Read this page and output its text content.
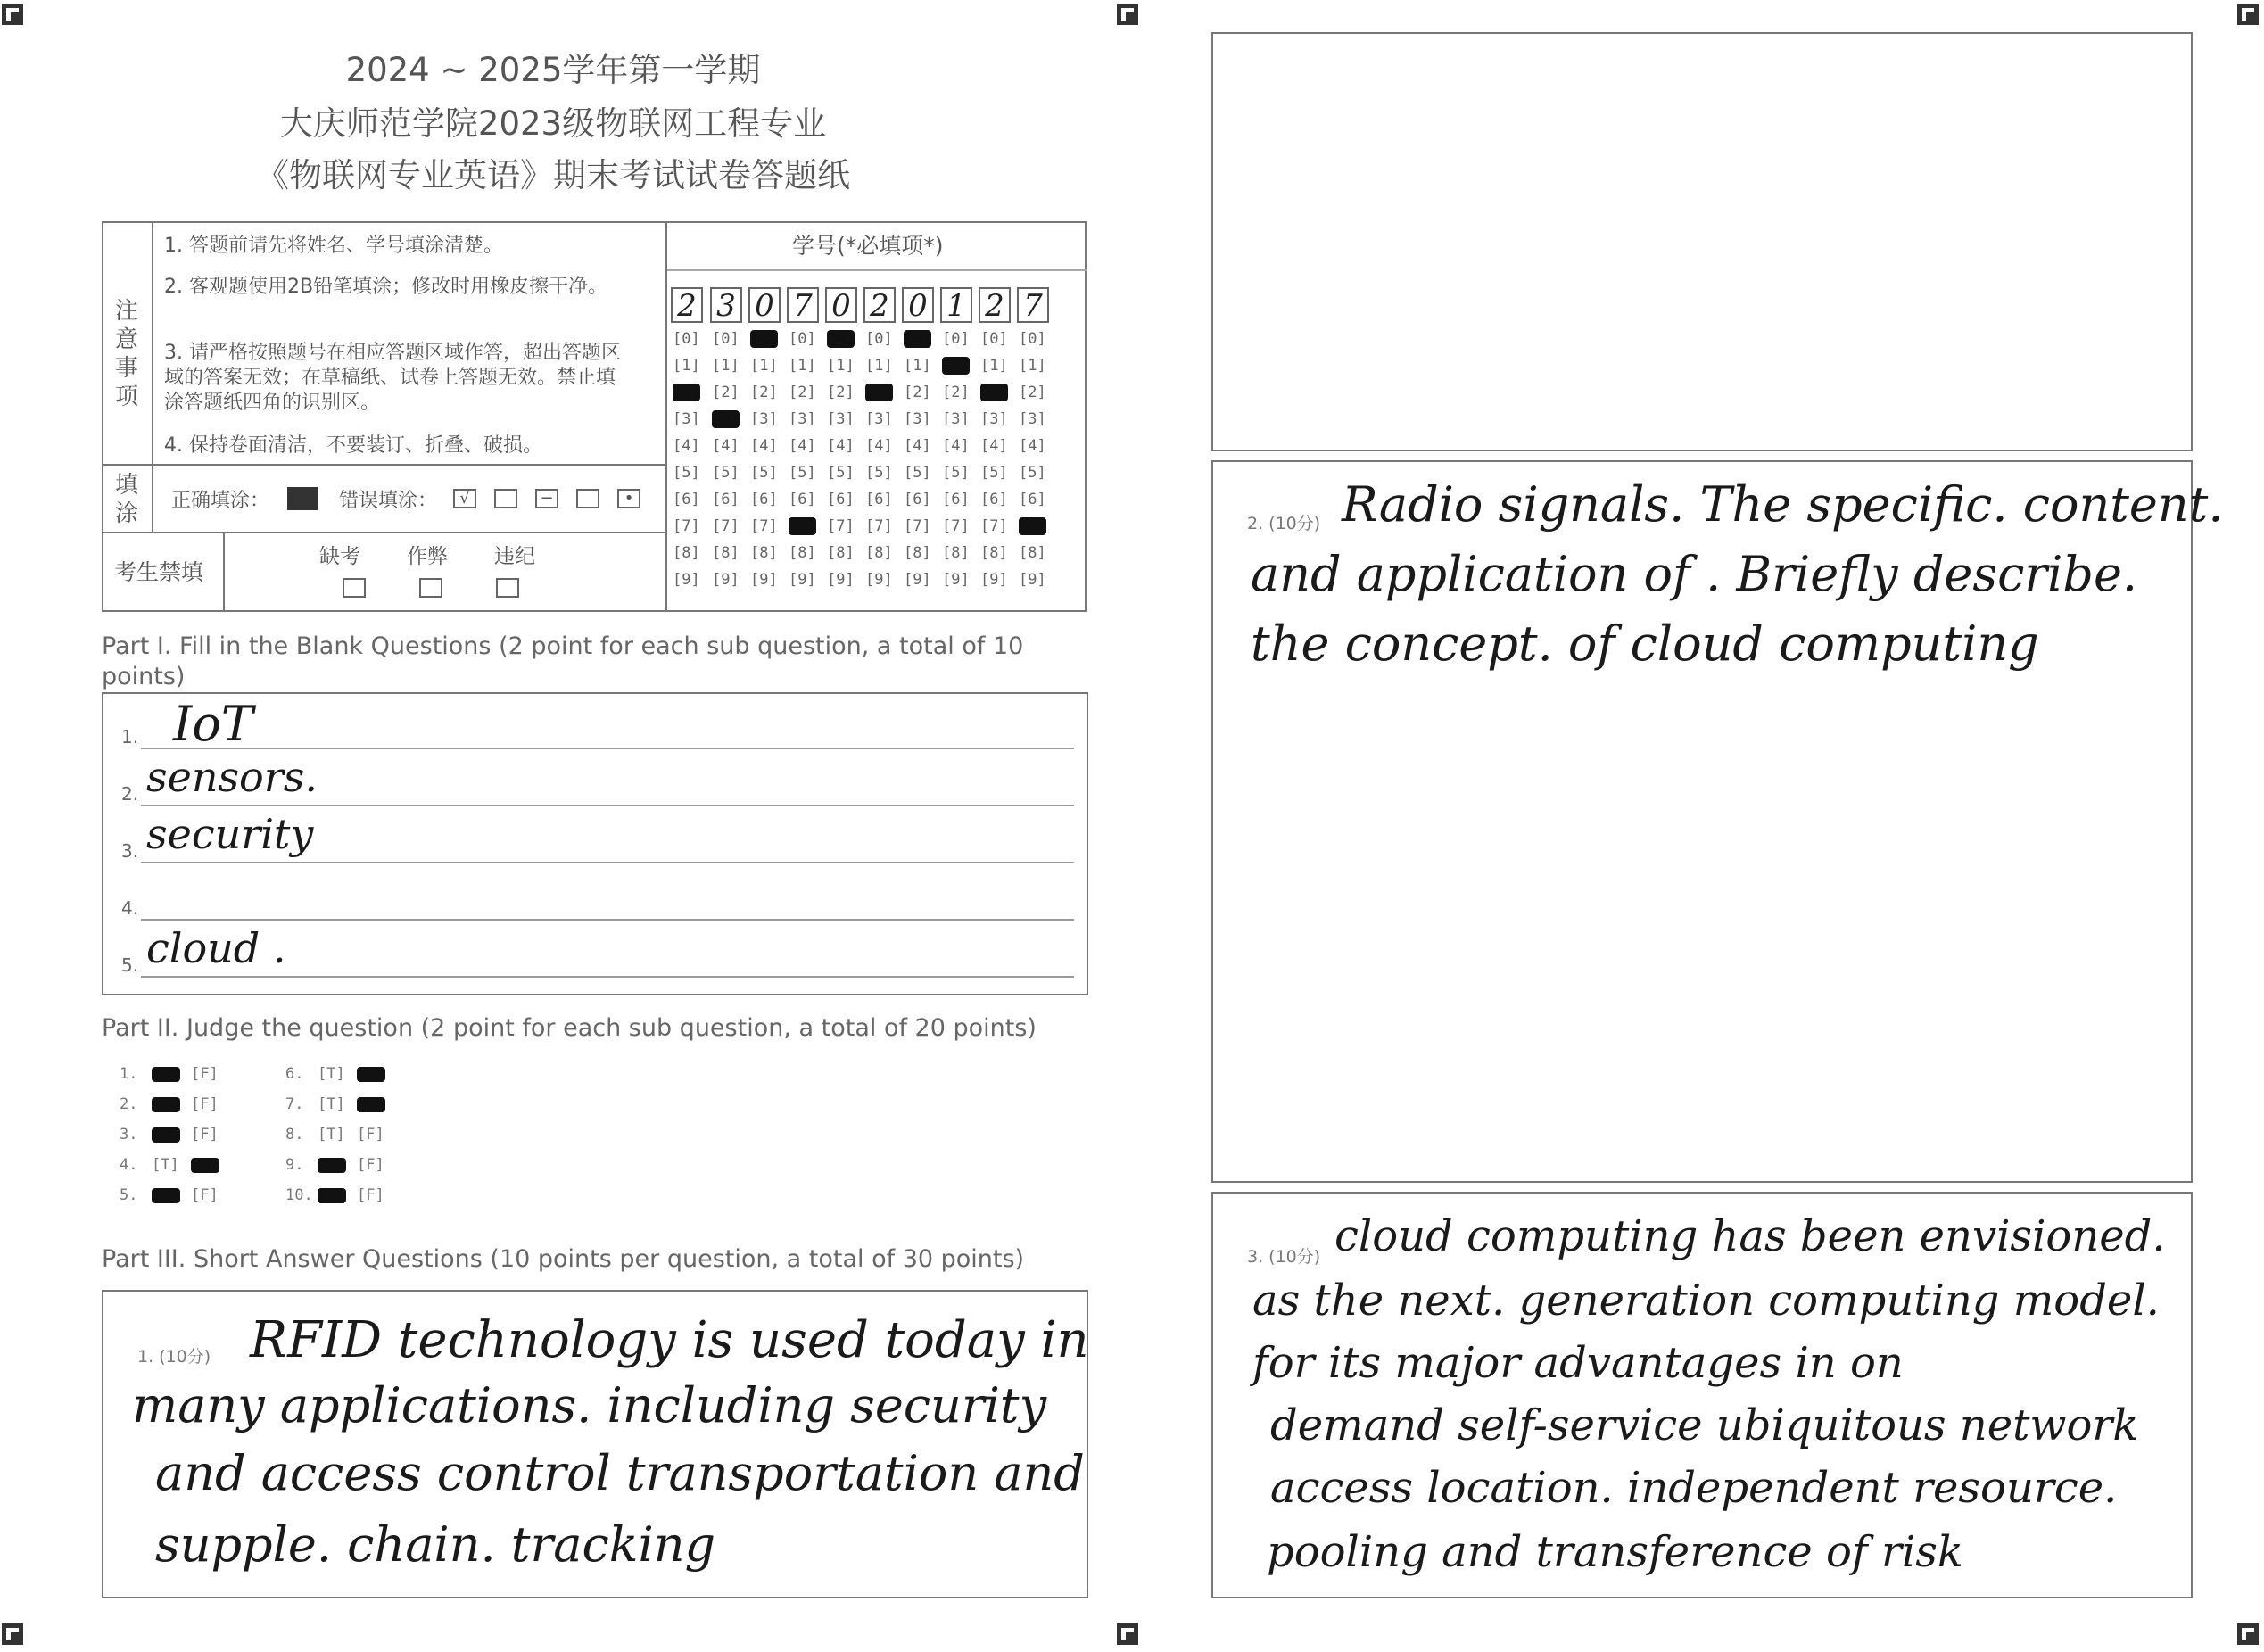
2024 ~ 2025学年第一学期
大庆师范学院2023级物联网工程专业
《物联网专业英语》期末考试试卷答题纸
注
意
事
项
1. 答题前请先将姓名、学号填涂清楚。
2. 客观题使用2B铅笔填涂；修改时用橡皮擦干净。
3. 请严格按照题号在相应答题区域作答，超出答题区域的答案无效；在草稿纸、试卷上答题无效。禁止填涂答题纸四角的识别区。
4. 保持卷面清洁，不要装订、折叠、破损。
填
涂 正确填涂：	错误填涂：	√	−	•
考生禁填
缺考 作弊 违纪
学号(*必填项*)
2 3 0 7 0 2 0 1 2 7
[0] [0] [0] [0] [0] [0] [0] [0] [0] [0]
[1] [1] [1] [1] [1] [1] [1] [1] [1] [1]
[2] [2] [2] [2] [2] [2] [2] [2] [2] [2]
[3] [3] [3] [3] [3] [3] [3] [3] [3] [3]
[4] [4] [4] [4] [4] [4] [4] [4] [4] [4]
[5] [5] [5] [5] [5] [5] [5] [5] [5] [5]
[6] [6] [6] [6] [6] [6] [6] [6] [6] [6]
[7] [7] [7] [7] [7] [7] [7] [7] [7] [7]
[8] [8] [8] [8] [8] [8] [8] [8] [8] [8]
[9] [9] [9] [9] [9] [9] [9] [9] [9] [9]
Part I. Fill in the Blank Questions (2 point for each sub question, a total of 10 points)
1. IoT
2. sensors.
3. security
4.
5. cloud .
Part II. Judge the question (2 point for each sub question, a total of 20 points)
1.	[F]
2.	[F]
3.	[F]
4. [T]
5.	[F]
6. [T]
7. [T]
8. [T] [F]
9.	[F]
10.	[F]
Part III. Short Answer Questions (10 points per question, a total of 30 points)
1. (10分) RFID technology is used today in
many applications. including security
and access control transportation and
supple. chain. tracking
2. (10分) Radio signals. The specific. content.
and application of . Briefly describe.
the concept. of cloud computing
3. (10分) cloud computing has been envisioned.
as the next. generation computing model.
for its major advantages in on
demand self-service ubiquitous network
access location. independent resource.
pooling and transference of risk
